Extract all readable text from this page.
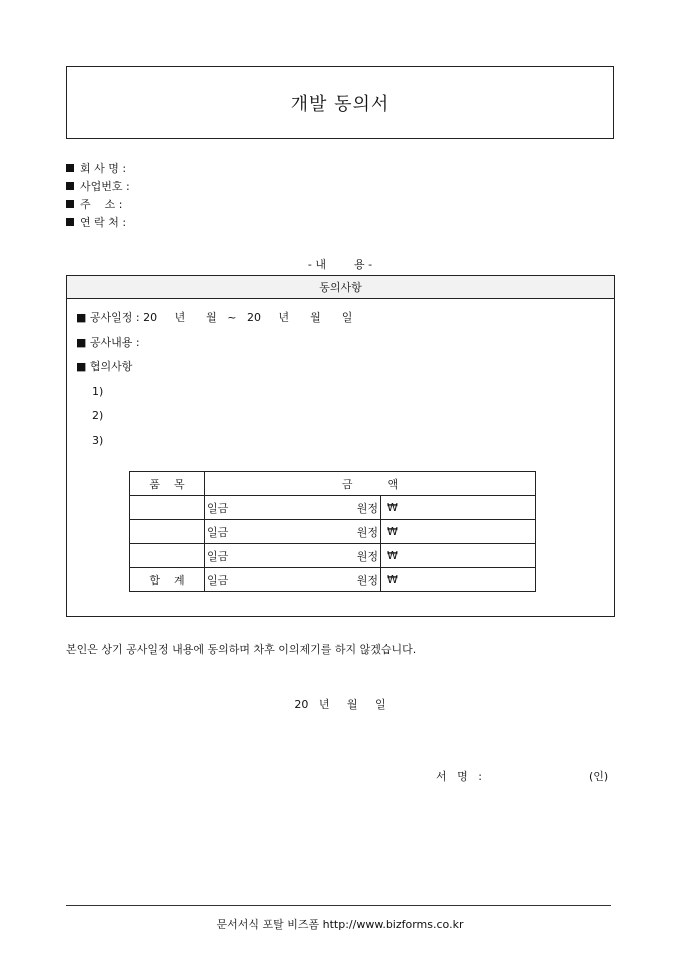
개발 동의서
회 사 명 :
사업번호 :
주    소 :
연 락 처 :
- 내        용 -
동의사항
■ 공사일정 : 20     년      월   ~   20     년      월      일
■ 공사내용 :
■ 협의사항
1)
2)
3)
품    목	금          액	

	일금 원정	₩

	일금 원정	₩

	일금 원정	₩
합    계	일금 원정	₩
본인은 상기 공사일정 내용에 동의하며 차후 이의제기를 하지 않겠습니다.
20   년     월     일
서   명   :	(인)
문서서식 포탈 비즈폼 http://www.bizforms.co.kr
